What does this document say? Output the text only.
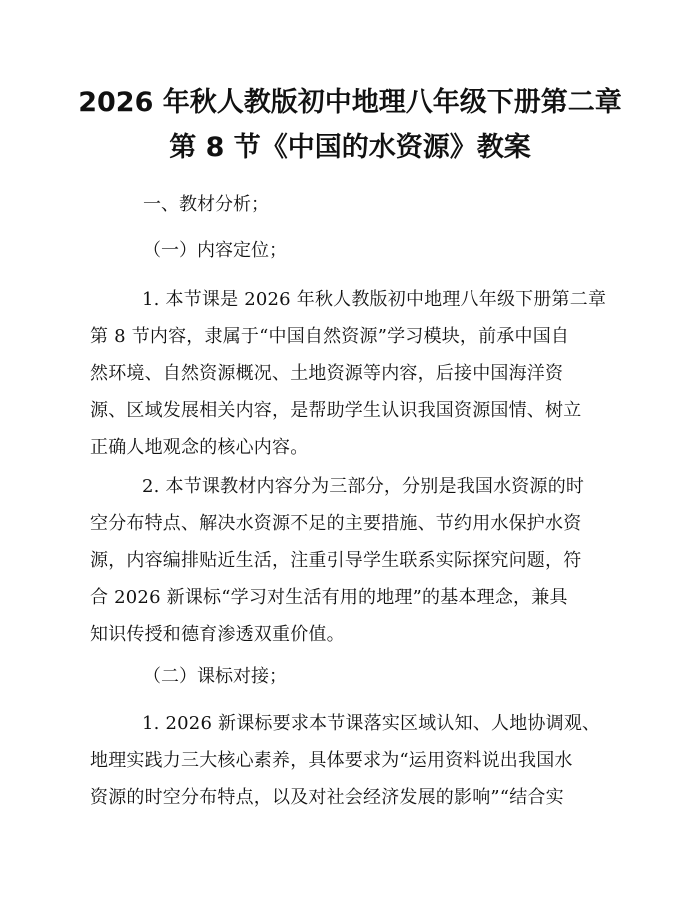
2026 年秋人教版初中地理八年级下册第二章
第 8 节《中国的水资源》教案
一、教材分析；
（一）内容定位；
1. 本节课是 2026 年秋人教版初中地理八年级下册第二章
第 8 节内容，隶属于“中国自然资源”学习模块，前承中国自
然环境、自然资源概况、土地资源等内容，后接中国海洋资
源、区域发展相关内容，是帮助学生认识我国资源国情、树立
正确人地观念的核心内容。
2. 本节课教材内容分为三部分，分别是我国水资源的时
空分布特点、解决水资源不足的主要措施、节约用水保护水资
源，内容编排贴近生活，注重引导学生联系实际探究问题，符
合 2026 新课标“学习对生活有用的地理”的基本理念，兼具
知识传授和德育渗透双重价值。
（二）课标对接；
1. 2026 新课标要求本节课落实区域认知、人地协调观、
地理实践力三大核心素养，具体要求为“运用资料说出我国水
资源的时空分布特点，以及对社会经济发展的影响”“结合实
